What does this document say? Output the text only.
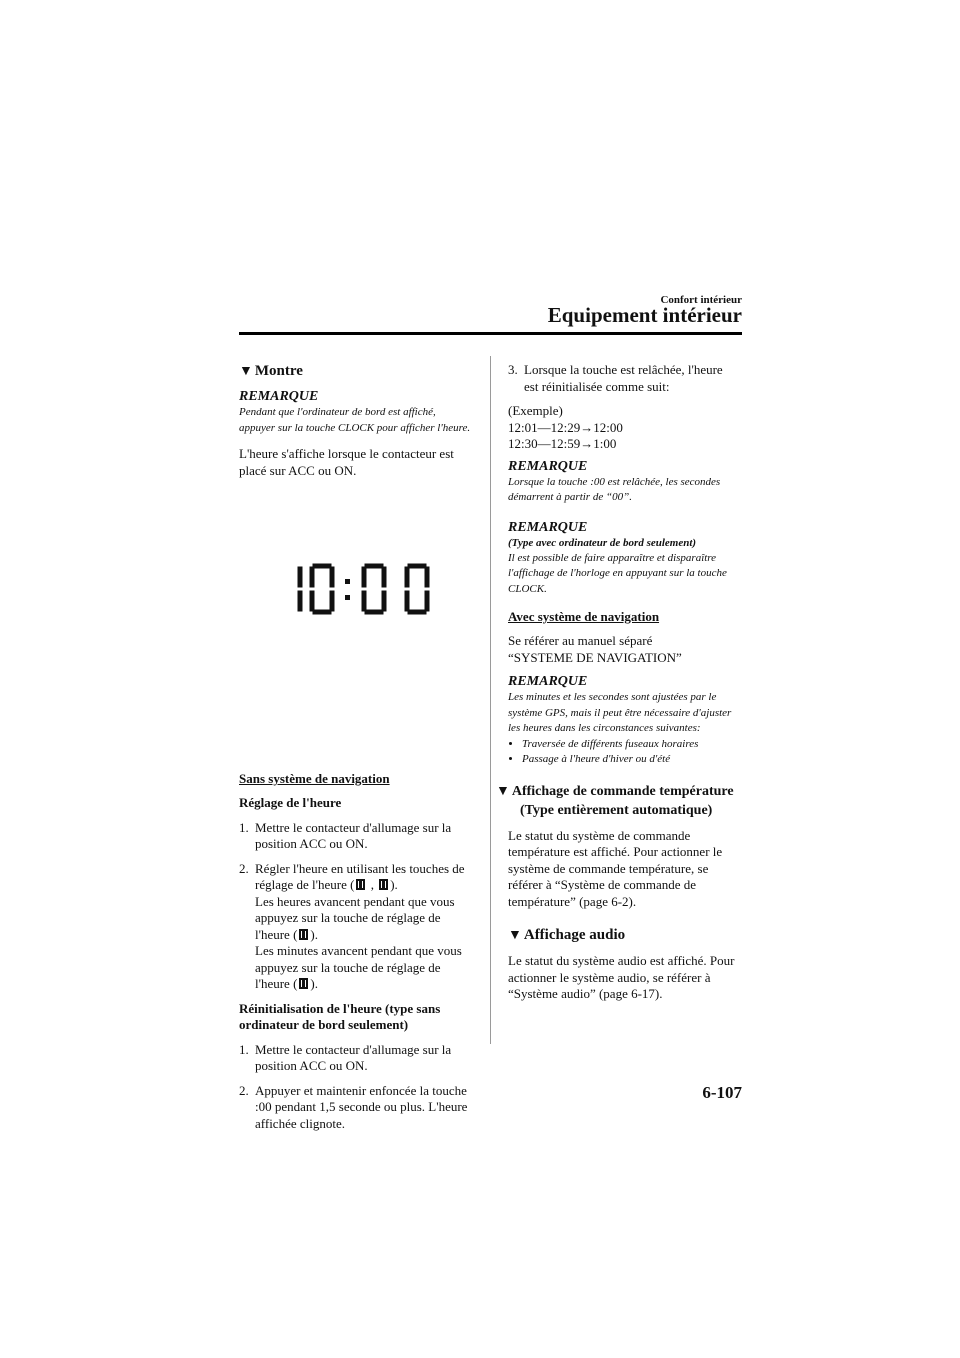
Confort intérieur
Equipement intérieur
▼ Montre
REMARQUE
Pendant que l'ordinateur de bord est affiché, appuyer sur la touche CLOCK pour afficher l'heure.

L'heure s'affiche lorsque le contacteur est placé sur ACC ou ON.

Sans système de navigation
Réglage de l'heure
1. Mettre le contacteur d'allumage sur la position ACC ou ON.
2. Régler l'heure en utilisant les touches de réglage de l'heure ( , ).
Les heures avancent pendant que vous appuyez sur la touche de réglage de l'heure ( ).
Les minutes avancent pendant que vous appuyez sur la touche de réglage de l'heure ( ).
Réinitialisation de l'heure (type sans ordinateur de bord seulement)
1. Mettre le contacteur d'allumage sur la position ACC ou ON.
2. Appuyer et maintenir enfoncée la touche :00 pendant 1,5 seconde ou plus. L'heure affichée clignote.
3. Lorsque la touche est relâchée, l'heure est réinitialisée comme suit:

(Exemple)
12:01―12:29→12:00
12:30―12:59→1:00

REMARQUE
Lorsque la touche :00 est relâchée, les secondes démarrent à partir de “00”.
REMARQUE
(Type avec ordinateur de bord seulement)
Il est possible de faire apparaître et disparaître l'affichage de l'horloge en appuyant sur la touche CLOCK.
Avec système de navigation

Se référer au manuel séparé
“SYSTEME DE NAVIGATION”

REMARQUE
Les minutes et les secondes sont ajustées par le système GPS, mais il peut être nécessaire d'ajuster les heures dans les circonstances suivantes:
• Traversée de différents fuseaux horaires
• Passage à l'heure d'hiver ou d'été
▼ Affichage de commande température
(Type entièrement automatique)

Le statut du système de commande température est affiché. Pour actionner le système de commande température, se référer à “Système de commande de température” (page 6-2).

▼ Affichage audio

Le statut du système audio est affiché. Pour actionner le système audio, se référer à “Système audio” (page 6-17).

6-107
